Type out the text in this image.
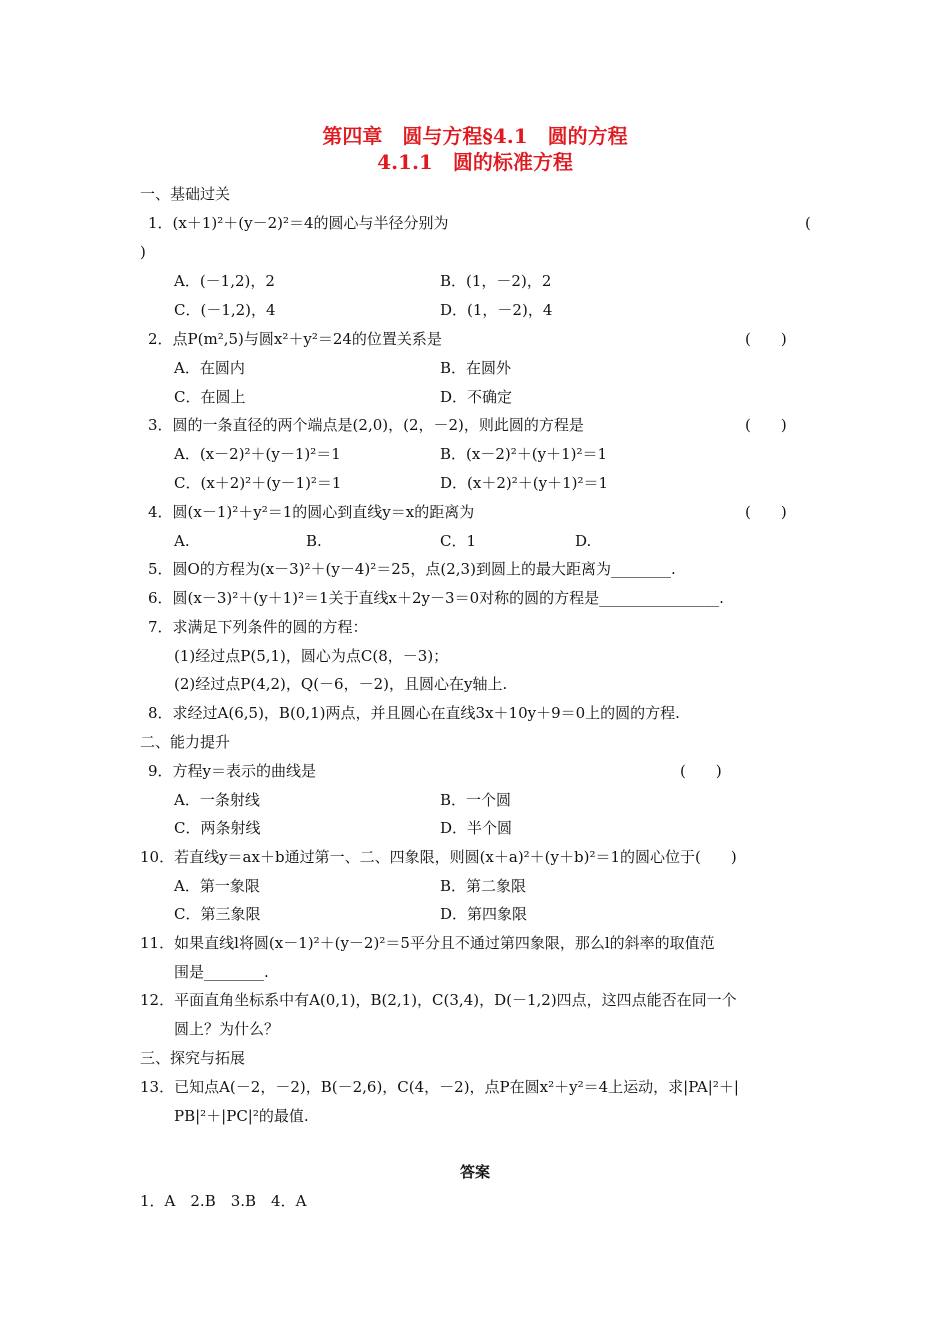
第四章　圆与方程§4.1　圆的方程
4.1.1　圆的标准方程
一、基础过关
1．(x＋1)²＋(y－2)²＝4的圆心与半径分别为	(
)
A．(－1,2)，2	B．(1，－2)，2
C．(－1,2)，4	D．(1，－2)，4
2．点P(m²,5)与圆x²＋y²＝24的位置关系是	(　　)
A．在圆内	B．在圆外
C．在圆上	D．不确定
3．圆的一条直径的两个端点是(2,0)，(2，－2)，则此圆的方程是	(　　)
A．(x－2)²＋(y－1)²＝1	B．(x－2)²＋(y＋1)²＝1
C．(x＋2)²＋(y－1)²＝1	D．(x＋2)²＋(y＋1)²＝1
4．圆(x－1)²＋y²＝1的圆心到直线y＝x的距离为	(　　)
A.	B.	C．1	D.
5．圆O的方程为(x－3)²＋(y－4)²＝25，点(2,3)到圆上的最大距离为________.
6．圆(x－3)²＋(y＋1)²＝1关于直线x＋2y－3＝0对称的圆的方程是________________.
7．求满足下列条件的圆的方程：
(1)经过点P(5,1)，圆心为点C(8，－3)；
(2)经过点P(4,2)，Q(－6，－2)，且圆心在y轴上.
8．求经过A(6,5)，B(0,1)两点，并且圆心在直线3x＋10y＋9＝0上的圆的方程.
二、能力提升
9．方程y＝表示的曲线是	(　　)
A．一条射线	B．一个圆
C．两条射线	D．半个圆
10．若直线y＝ax＋b通过第一、二、四象限，则圆(x＋a)²＋(y＋b)²＝1的圆心位于(　　)
A．第一象限	B．第二象限
C．第三象限	D．第四象限
11．如果直线l将圆(x－1)²＋(y－2)²＝5平分且不通过第四象限，那么l的斜率的取值范
围是________.
12．平面直角坐标系中有A(0,1)，B(2,1)，C(3,4)，D(－1,2)四点，这四点能否在同一个
圆上？为什么？
三、探究与拓展
13．已知点A(－2，－2)，B(－2,6)，C(4，－2)，点P在圆x²＋y²＝4上运动，求|PA|²＋|
PB|²＋|PC|²的最值.
答案
1．A　2.B　3.B　4．A
